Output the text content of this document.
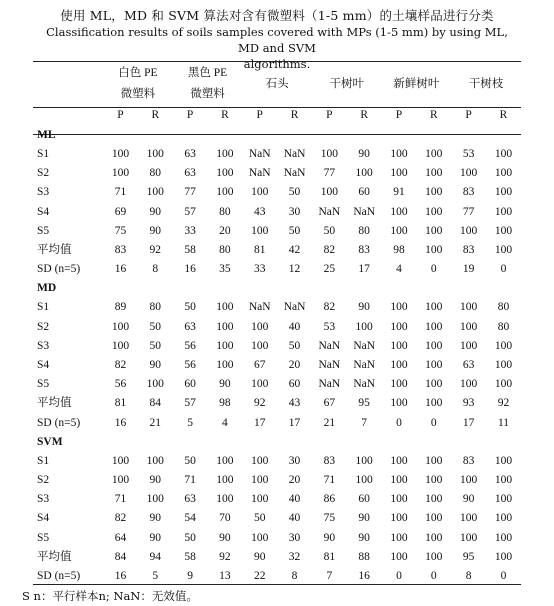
使用 ML，MD 和 SVM 算法对含有微塑料（1-5 mm）的土壤样品进行分类
Classification results of soils samples covered with MPs (1-5 mm) by using ML, MD and SVM
algorithms.
	白色 PE		黑色 PE		石头		干树叶		新鲜树叶		干树枝	
	微塑料		微塑料									
	P	R	P	R	P	R	P	R	P	R	P	R
ML												
S1	100	100	63	100	NaN	NaN	100	90	100	100	53	100
S2	100	80	63	100	NaN	NaN	77	100	100	100	100	100
S3	71	100	77	100	100	50	100	60	91	100	83	100
S4	69	90	57	80	43	30	NaN	NaN	100	100	77	100
S5	75	90	33	20	100	50	50	80	100	100	100	100
平均值	83	92	58	80	81	42	82	83	98	100	83	100
SD (n=5)	16	8	16	35	33	12	25	17	4	0	19	0
MD												
S1	89	80	50	100	NaN	NaN	82	90	100	100	100	80
S2	100	50	63	100	100	40	53	100	100	100	100	80
S3	100	50	56	100	100	50	NaN	NaN	100	100	100	100
S4	82	90	56	100	67	20	NaN	NaN	100	100	63	100
S5	56	100	60	90	100	60	NaN	NaN	100	100	100	100
平均值	81	84	57	98	92	43	67	95	100	100	93	92
SD (n=5)	16	21	5	4	17	17	21	7	0	0	17	11
SVM												
S1	100	100	50	100	100	30	83	100	100	100	83	100
S2	100	90	71	100	100	20	71	100	100	100	100	100
S3	71	100	63	100	100	40	86	60	100	100	90	100
S4	82	90	54	70	50	40	75	90	100	100	100	100
S5	64	90	50	90	100	30	90	90	100	100	100	100
平均值	84	94	58	92	90	32	81	88	100	100	95	100
SD (n=5)	16	5	9	13	22	8	7	16	0	0	8	0
S n：平行样本n; NaN：无效值。
